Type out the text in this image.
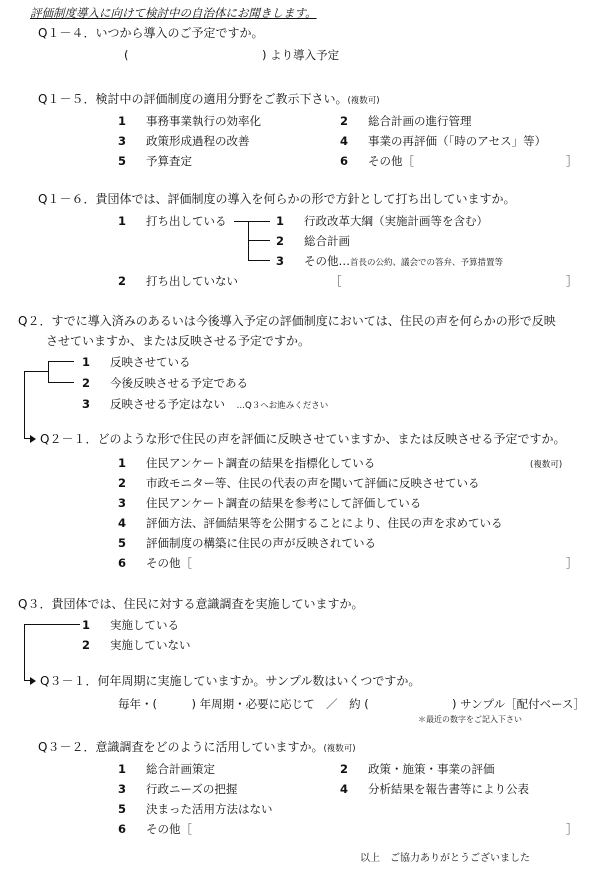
評価制度導入に向けて検討中の自治体にお聞きします。
Q１－４．いつから導入のご予定ですか。
(	) より導入予定
Q１－５．検討中の評価制度の適用分野をご教示下さい。(複数可)
1 事務事業執行の効率化	2 総合計画の進行管理
3 政策形成過程の改善	4 事業の再評価（「時のアセス」等）
5 予算査定	6 その他［	］
Q１－６．貴団体では、評価制度の導入を何らかの形で方針として打ち出していますか。
1 打ち出している	1 行政改革大綱（実施計画等を含む）
2 総合計画
3 その他…首長の公約、議会での答弁、予算措置等
2 打ち出していない	［	］
Q２．すでに導入済みのあるいは今後導入予定の評価制度においては、住民の声を何らかの形で反映
させていますか、または反映させる予定ですか。
1 反映させている
2 今後反映させる予定である
3 反映させる予定はない　 …Q３へお進みください
Q２－１．どのような形で住民の声を評価に反映させていますか、または反映させる予定ですか。
1 住民アンケート調査の結果を指標化している	(複数可)
2 市政モニター等、住民の代表の声を聞いて評価に反映させている
3 住民アンケート調査の結果を参考にして評価している
4 評価方法、評価結果等を公開することにより、住民の声を求めている
5 評価制度の構築に住民の声が反映されている
6 その他［	］
Q３．貴団体では、住民に対する意識調査を実施していますか。
1 実施している
2 実施していない
Q３－１．何年周期に実施していますか。サンプル数はいくつですか。
毎年・(　　　) 年周期・必要に応じて　／　約 (	) サンプル［配付ベース］
＊最近の数字をご記入下さい
Q３－２．意識調査をどのように活用していますか。(複数可)
1 総合計画策定	2 政策・施策・事業の評価
3 行政ニーズの把握	4 分析結果を報告書等により公表
5 決まった活用方法はない
6 その他［	］
以上　ご協力ありがとうございました
